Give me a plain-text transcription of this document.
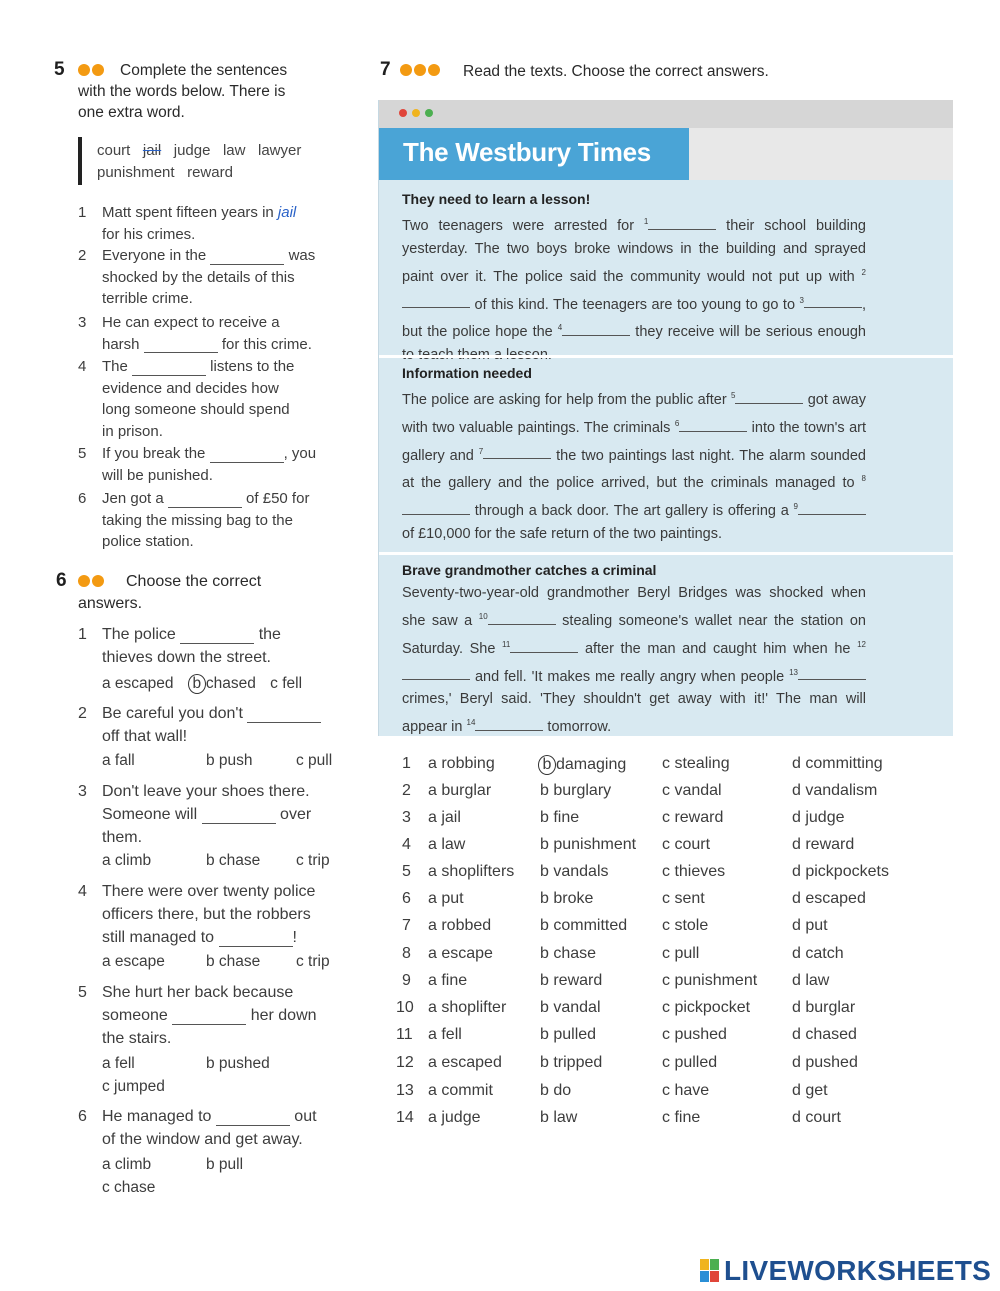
5	Complete the sentences
with the words below. There is
one extra word.
court jail judge law lawyer
punishment reward
1	Matt spent fifteen years in jail
for his crimes.
2	Everyone in the	was
shocked by the details of this
terrible crime.
3	He can expect to receive a
harsh	for this crime.
4	The	listens to the
evidence and decides how
long someone should spend
in prison.
5	If you break the	, you
will be punished.
6	Jen got a	of £50 for
taking the missing bag to the
police station.
6	Choose the correct
answers.
1 The police	the
thieves down the street.
a escaped b chased c fell
2 Be careful you don't
off that wall!
a fall	b push	c pull
3 Don't leave your shoes there.
Someone will	over
them.
a climb	b chase c trip
4 There were over twenty police
officers there, but the robbers
still managed to	!
a escape	b chase c trip
5 She hurt her back because
someone	her down
the stairs.
a fell	b pushed
c jumped
6 He managed to	out
of the window and get away.
a climb	b pull
c chase
7	Read the texts. Choose the correct answers.
The Westbury Times
They need to learn a lesson!
Two teenagers were arrested for $^1$	their school building yesterday. The two boys broke windows in the building and sprayed paint over it. The police said the community would not put up with $^2$ of this kind. The teenagers are too young to go to $^3$	, but the police hope the $^4$	they receive will be serious enough
Information needed
The police are asking for help from the public after $^5$	got away with two valuable paintings. The criminals $^6$	into the town's art gallery and $^7$	the two paintings last night. The alarm sounded at the gallery and the police arrived, but the criminals managed to $^8$ through a back door. The art gallery is offering a $^9$ of £10,000 for the safe return of the two paintings.
Brave grandmother catches a criminal
Seventy-two-year-old grandmother Beryl Bridges was shocked when she saw a $^{10}$	stealing someone's wallet near the station on Saturday. She $^{11}$	after the man and caught him when he $^{12}$ and fell. 'It makes me really angry when people $^{13}$ crimes,' Beryl said. 'They shouldn't get away with it!' The man will appear in $^{14}$	tomorrow.
1 a robbing	b damaging c stealing	d committing
2 a burglar	b burglary	c vandal	d vandalism
3 a jail	b fine	c reward	d judge
4 a law	b punishment c court	d reward
5 a shoplifters b vandals	c thieves	d pickpockets
6 a put	b broke	c sent	d escaped
7 a robbed	b committed c stole	d put
8 a escape	b chase	c pull	d catch
9 a fine	b reward	c punishment d law
10 a shoplifter b vandal	c pickpocket	d burglar
11 a fell	b pulled	c pushed	d chased
12 a escaped b tripped	c pulled	d pushed
13 a commit	b do	c have	d get
14 a judge	b law	c fine	d court
LIVEWORKSHEETS
